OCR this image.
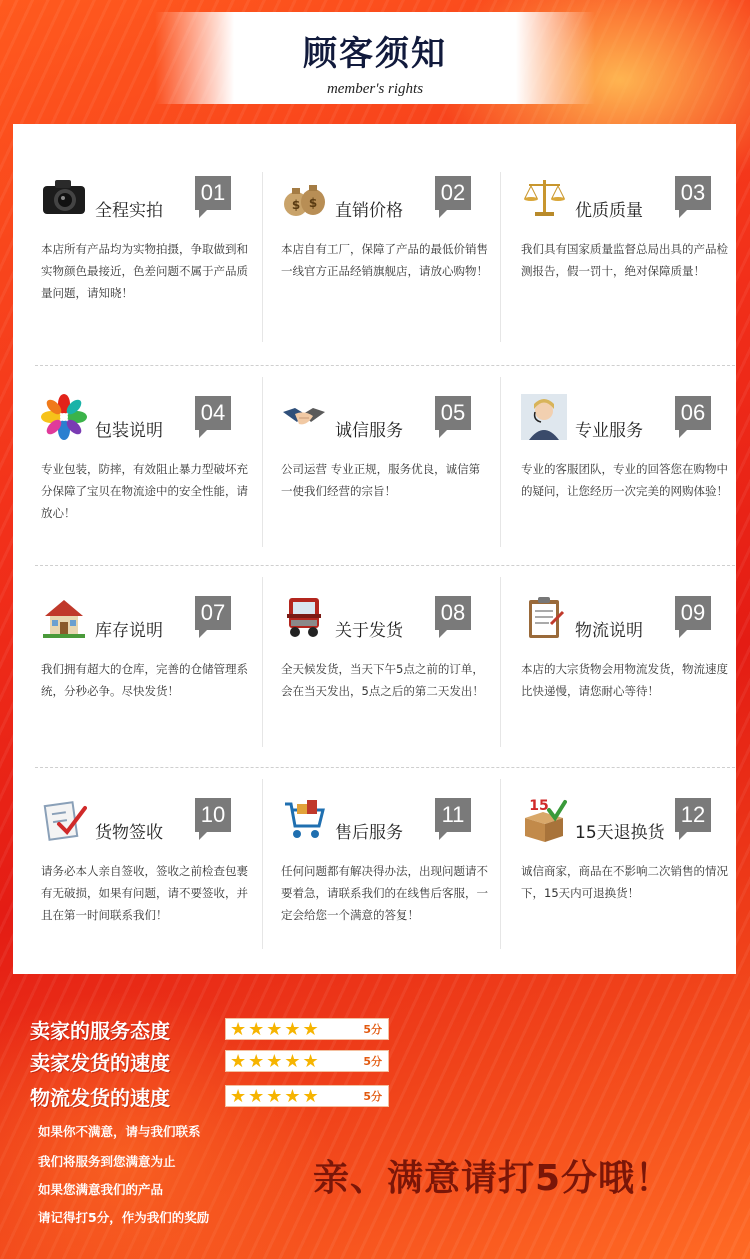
顾客须知
member's rights
全程实拍
01

本店所有产品均为实物拍摄，争取做到和实物颜色最接近，色差问题不属于产品质量问题，请知晓！

$ $ 直销价格
02

本店自有工厂，保障了产品的最低价销售一线官方正品经销旗舰店，请放心购物！

优质质量
03

我们具有国家质量监督总局出具的产品检测报告，假一罚十，绝对保障质量！

包装说明
04

专业包装，防摔，有效阻止暴力型破坏充分保障了宝贝在物流途中的安全性能，请放心！

诚信服务
05

公司运营 专业正规，服务优良，诚信第一使我们经营的宗旨！

专业服务
06

专业的客服团队，专业的回答您在购物中的疑问，让您经历一次完美的网购体验！

库存说明
07

我们拥有超大的仓库，完善的仓储管理系统，分秒必争。尽快发货！

关于发货
08

全天候发货，当天下午5点之前的订单，会在当天发出，5点之后的第二天发出！

物流说明
09

本店的大宗货物会用物流发货，物流速度比快递慢，请您耐心等待！

货物签收
10

请务必本人亲自签收，签收之前检查包裹有无破损，如果有问题，请不要签收，并且在第一时间联系我们！

售后服务
11

任何问题都有解决得办法，出现问题请不要着急，请联系我们的在线售后客服，一定会给您一个满意的答复！

15
15天退换货
12

诚信商家，商品在不影响二次销售的情况下，15天内可退换货！

卖家的服务态度	★★★★★	5分
卖家发货的速度	★★★★★	5分
物流发货的速度	★★★★★	5分
如果你不满意，请与我们联系
我们将服务到您满意为止
如果您满意我们的产品
请记得打5分，作为我们的奖励
亲、满意请打5分哦！
